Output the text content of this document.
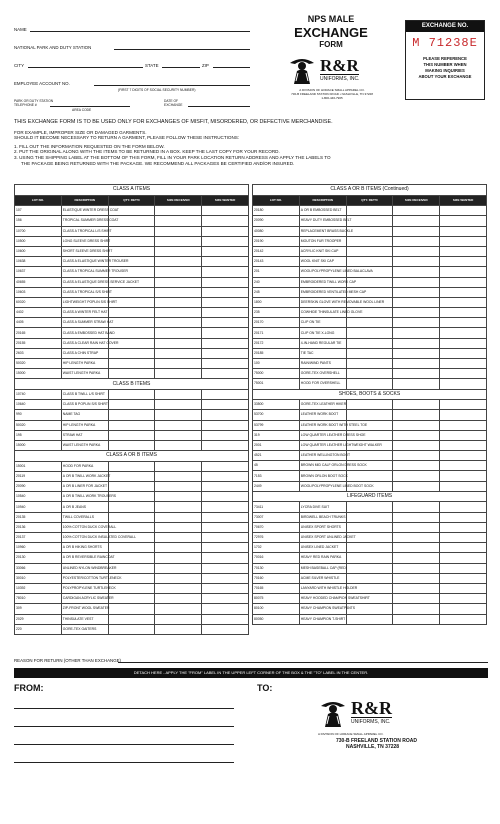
NAME
NATIONAL PARK AND DUTY STATION
CITY	STATE	ZIP
EMPLOYEE ACCOUNT NO.
(FIRST 7 DIGITS OF SOCIAL SECURITY NUMBER)
PARK OR DUTY STATION
TELEPHONE #
AREA CODE
DATE OF
EXCHANGE
NPS MALE
EXCHANGE
FORM
R&R
UNIFORMS, INC.
A DIVISION OF HORACE SMALL APPAREL CO.
730-B FREELAND STATION ROAD • NASHVILLE, TN 37228
1-800-446-7965
EXCHANGE NO.
M 71238E
PLEASE REFERENCE
THIS NUMBER WHEN
MAKING INQUIRIES
ABOUT YOUR EXCHANGE
THIS EXCHANGE FORM IS TO BE USED ONLY FOR EXCHANGES OF MISFIT, MISORDERED, OR DEFECTIVE MERCHANDISE.
FOR EXAMPLE, IMPROPER SIZE OR DAMAGED GARMENTS.
SHOULD IT BECOME NECESSARY TO RETURN A GARMENT, PLEASE FOLLOW THESE INSTRUCTIONS:
1. FILL OUT THE INFORMATION REQUESTED ON THE FORM BELOW.
2. PUT THE ORIGINAL ALONG WITH THE ITEMS TO BE RETURNED IN A BOX. KEEP THE LAST COPY FOR YOUR RECORD.
3. USING THE SHIPPING LABEL AT THE BOTTOM OF THIS FORM, FILL IN YOUR PARK LOCATION RETURN ADDRESS AND APPLY THE LABELS TO
THE PACKAGE BEING RETURNED WITH THE PACKAGE. WE RECOMMEND ALL PACKAGES BE CERTIFIED AND/OR INSURED.
CLASS A ITEMS				
LOT NO.	DESCRIPTION	QTY. RET'D	SIZE RECEIVED	SIZE WANTED
107	ELASTIQUE WINTER DRESS COAT			
156	TROPICAL SUMMER DRESS COAT			
10700	CLASS A TROPICAL L/S SHIRT			
10500	LONG SLEEVE DRESS SHIRT			
10600	SHORT SLEEVE DRESS SHIRT			
10638	CLASS A ELASTIQUE WINTER TROUSER			
10637	CLASS A TROPICAL SUMMER TROUSER			
40655	CLASS A ELASTIQUE DRESS SERVICE JACKET			
10603	CLASS A TROPICAL S/S SHIRT			
60020	LIGHTWEIGHT POPLIN S/S SHIRT			
4402	CLASS A WINTER FELT HAT			
4405	CLASS A SUMMER STRAW HAT			
20165	CLASS A EMBOSSED HAT BAND			
20155	CLASS A CLEAR RAIN HAT COVER			
2603	CLASS A CHIN STRAP			
50020	HIP LENGTH PARKA			
15000	WAIST LENGTH PARKA			
CLASS B ITEMS				
10740	CLASS B TWILL L/S SHIRT			
10640	CLASS B POPLIN S/S SHIRT			
990	NAME TAG			
50020	HIP LENGTH PARKA			
195	STRAW HAT			
15000	WAIST LENGTH PARKA			
CLASS A OR B ITEMS				
15001	HOOD FOR PARKA			
20119	A OR B TWILL WORK JACKET			
20090	A OR B LINER FOR JACKET			
10540	A OR B TWILL WORK TROUSERS			
10940	A OR B JEANS			
20135	TWILL COVERALLS			
20136	100% COTTON DUCK COVERALL			
20137	100% COTTON DUCK INSULATED COVERALL			
10960	A OR B HIKING SHORTS			
20130	A OR B REVERSIBLE RAINCOAT			
33066	UNLINED NYLON WINDBREAKER			
30010	POLYESTER/COTTON TURTLENECK			
10392	POLYPROPYLENE TURTLENECK			
78010	CARDIGAN ACRYLIC SWEATER			
309	ZIP-FRONT WOOL SWEATER			
2029	THINSULATE VEST			
220	GORE-TEX GAITERS			
CLASS A OR B ITEMS (Continued)				
LOT NO.	DESCRIPTION	QTY. RET'D	SIZE RECEIVED	SIZE WANTED
20180	A OR B EMBOSSED BELT			
20090	HEAVY DUTY EMBOSSED BELT			
40080	REPLACEMENT BRASS BUCKLE			
20190	MOUTON FUR TROOPER			
20142	ACRYLIC KNIT SKI CAP			
20143	WOOL KNIT SKI CAP			
201	WOOL/POLYPROPYLENE LINED BALACLAVA			
240	EMBROIDERED TWILL WORK CAP			
245	EMBROIDERED VENTILATED MESH CAP			
1800	DEERSKIN GLOVE WITH REMOVABLE WOOL LINER			
235	COWHIDE THINSULATE LINED GLOVE			
20170	CLIP ON TIE			
20171	CLIP ON TIE X-LONG			
20172	4-IN-HAND REGULAR TIE			
20185	TIE TAC			
100	RAIN/WIND PANTS			
75000	GORE-TEX OVERSHELL			
75001	HOOD FOR OVERSHELL			
SHOES, BOOTS & SOCKS				
33500	GORE-TEX LEATHER HIKER			
53700	LEATHER WORK BOOT			
53799	LEATHER WORK BOOT WITH STEEL TOE			
319	LOW QUARTER LEATHER DRESS SHOE			
2001	LOW QUARTER LEATHER LIGHTWEIGHT WALKER			
4521	LEATHER WELLINGTON BOOT			
45	BROWN MID CALF ORLON DRESS SOCK			
7153	BROWN ORLON BOOT SOCK			
2449	WOOL/POLYPROPYLENE LINED BOOT SOCK			
LIFEGUARD ITEMS				
73411	LYCRA DIVE SUIT			
73007	BIRDWELL BEACH TRUNKS			
70670	UNISEX SPORT SHORTS			
72976	UNISEX SPORT UNLINED JACKET			
1702	UNISEX LINED JACKET			
70016	HEAVY RED RAIN PARKA			
70130	MESH BASEBALL CAP (RED)			
70160	ACME SILVER WHISTLE			
70165	LANYARD WITH WHISTLE HOLDER			
80075	HEAVY HOODED CHAMPION SWEATSHIRT			
80100	HEAVY CHAMPION SWEATPANTS			
80050	HEAVY CHAMPION T-SHIRT			
REASON FOR RETURN (OTHER THAN EXCHANGE)
DETACH HERE - APPLY THE "FROM" LABEL IN THE UPPER LEFT CORNER OF THE BOX & THE "TO" LABEL IN THE CENTER.
FROM:	TO:
R&R
UNIFORMS, INC.
A DIVISION OF HORACE SMALL APPAREL CO.
730-B FREELAND STATION ROAD
NASHVILLE, TN 37228
